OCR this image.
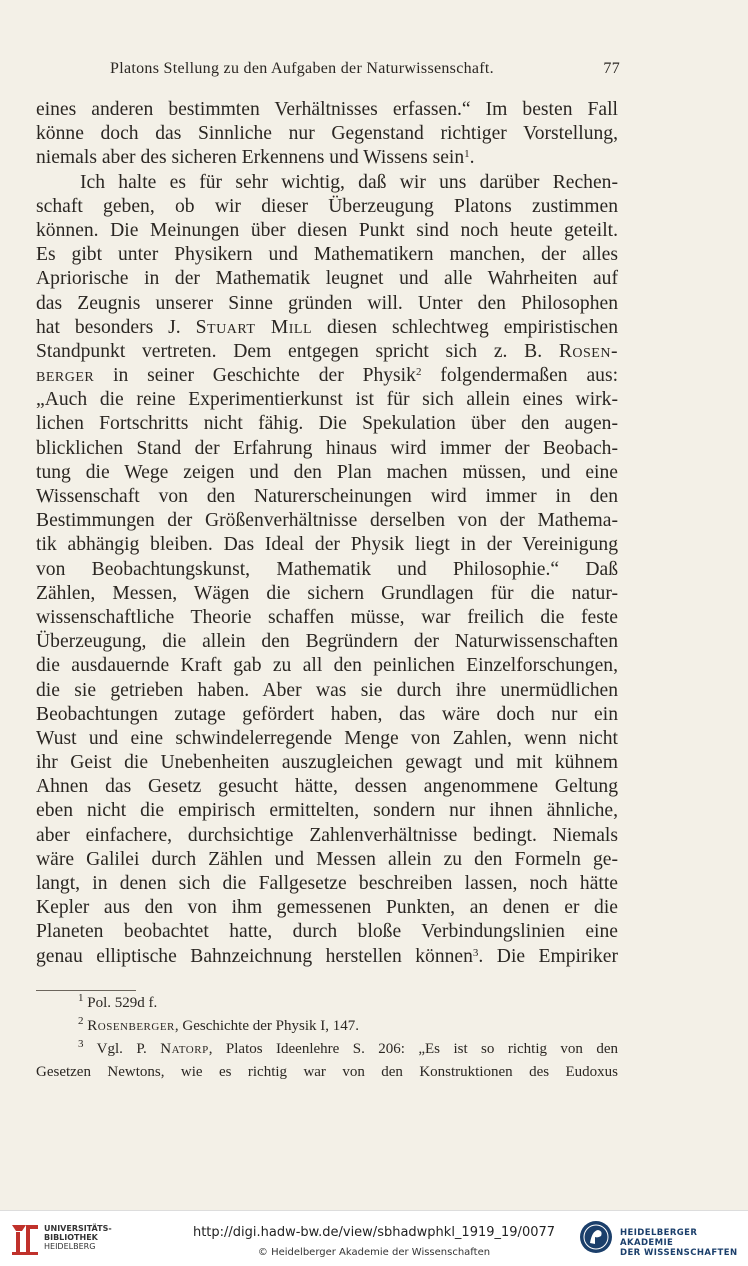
Platons Stellung zu den Aufgaben der Naturwissenschaft.	77
eines anderen bestimmten Verhältnisses erfassen.“ Im besten Fall
könne doch das Sinnliche nur Gegenstand richtiger Vorstellung,
niemals aber des sicheren Erkennens und Wissens sein$^1$.
Ich halte es für sehr wichtig, daß wir uns darüber Rechen-
schaft geben, ob wir dieser Überzeugung Platons zustimmen
können. Die Meinungen über diesen Punkt sind noch heute geteilt.
Es gibt unter Physikern und Mathematikern manchen, der alles
Apriorische in der Mathematik leugnet und alle Wahrheiten auf
das Zeugnis unserer Sinne gründen will. Unter den Philosophen
hat besonders J. Stuart Mill diesen schlechtweg empiristischen
Standpunkt vertreten. Dem entgegen spricht sich z. B. Rosen-
berger in seiner Geschichte der Physik$^2$ folgendermaßen aus:
„Auch die reine Experimentierkunst ist für sich allein eines wirk-
lichen Fortschritts nicht fähig. Die Spekulation über den augen-
blicklichen Stand der Erfahrung hinaus wird immer der Beobach-
tung die Wege zeigen und den Plan machen müssen, und eine
Wissenschaft von den Naturerscheinungen wird immer in den
Bestimmungen der Größenverhältnisse derselben von der Mathema-
tik abhängig bleiben. Das Ideal der Physik liegt in der Vereinigung
von Beobachtungskunst, Mathematik und Philosophie.“ Daß
Zählen, Messen, Wägen die sichern Grundlagen für die natur-
wissenschaftliche Theorie schaffen müsse, war freilich die feste
Überzeugung, die allein den Begründern der Naturwissenschaften
die ausdauernde Kraft gab zu all den peinlichen Einzelforschungen,
die sie getrieben haben. Aber was sie durch ihre unermüdlichen
Beobachtungen zutage gefördert haben, das wäre doch nur ein
Wust und eine schwindelerregende Menge von Zahlen, wenn nicht
ihr Geist die Unebenheiten auszugleichen gewagt und mit kühnem
Ahnen das Gesetz gesucht hätte, dessen angenommene Geltung
eben nicht die empirisch ermittelten, sondern nur ihnen ähnliche,
aber einfachere, durchsichtige Zahlenverhältnisse bedingt. Niemals
wäre Galilei durch Zählen und Messen allein zu den Formeln ge-
langt, in denen sich die Fallgesetze beschreiben lassen, noch hätte
Kepler aus den von ihm gemessenen Punkten, an denen er die
Planeten beobachtet hatte, durch bloße Verbindungslinien eine
genau elliptische Bahnzeichnung herstellen können$^3$. Die Empiriker
$^1$ Pol. 529d f.
$^2$ Rosenberger, Geschichte der Physik I, 147.
$^3$ Vgl. P. Natorp, Platos Ideenlehre S. 206: „Es ist so richtig von den
Gesetzen Newtons, wie es richtig war von den Konstruktionen des Eudoxus
UNIVERSITÄTS-
BIBLIOTHEK
HEIDELBERG
http://digi.hadw-bw.de/view/sbhadwphkl_1919_19/0077
© Heidelberger Akademie der Wissenschaften
HEIDELBERGER AKADEMIE
DER WISSENSCHAFTEN
